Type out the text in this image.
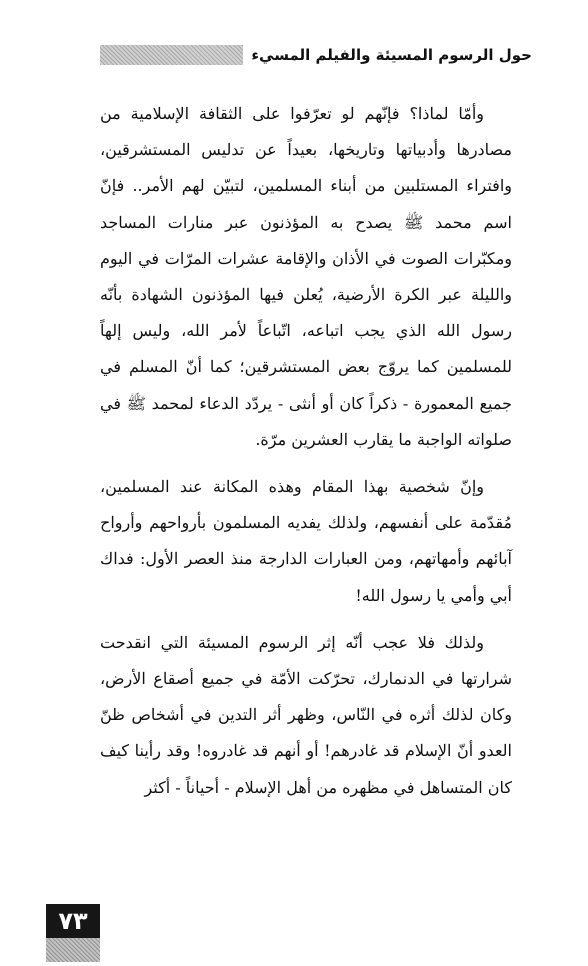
حول الرسوم المسيئة والفيلم المسيء

وأمّا لماذا؟ فإنّهم لو تعرّفوا على الثقافة الإسلامية من مصادرها وأدبياتها وتاريخها، بعيداً عن تدليس المستشرقين، وافتراء المستلبين من أبناء المسلمين، لتبيّن لهم الأمر.. فإنّ اسم محمد ﷺ يصدح به المؤذنون عبر منارات المساجد ومكبّرات الصوت في الأذان والإقامة عشرات المرّات في اليوم والليلة عبر الكرة الأرضية، يُعلن فيها المؤذنون الشهادة بأنّه رسول الله الذي يجب اتباعه، اتّباعاً لأمر الله، وليس إلهاً للمسلمين كما يروّج بعض المستشرقين؛ كما أنّ المسلم في جميع المعمورة - ذكراً كان أو أنثى - يردّد الدعاء لمحمد ﷺ في صلواته الواجبة ما يقارب العشرين مرّة.

وإنّ شخصية بهذا المقام وهذه المكانة عند المسلمين، مُقدّمة على أنفسهم، ولذلك يفديه المسلمون بأرواحهم وأرواح آبائهم وأمهاتهم، ومن العبارات الدارجة منذ العصر الأول: فداك أبي وأمي يا رسول الله!

ولذلك فلا عجب أنّه إثر الرسوم المسيئة التي انقدحت شرارتها في الدنمارك، تحرّكت الأمّة في جميع أصقاع الأرض، وكان لذلك أثره في النّاس، وظهر أثر التدين في أشخاص ظنّ العدو أنّ الإسلام قد غادرهم! أو أنهم قد غادروه! وقد رأينا كيف كان المتساهل في مظهره من أهل الإسلام - أحياناً - أكثر

٧٣
